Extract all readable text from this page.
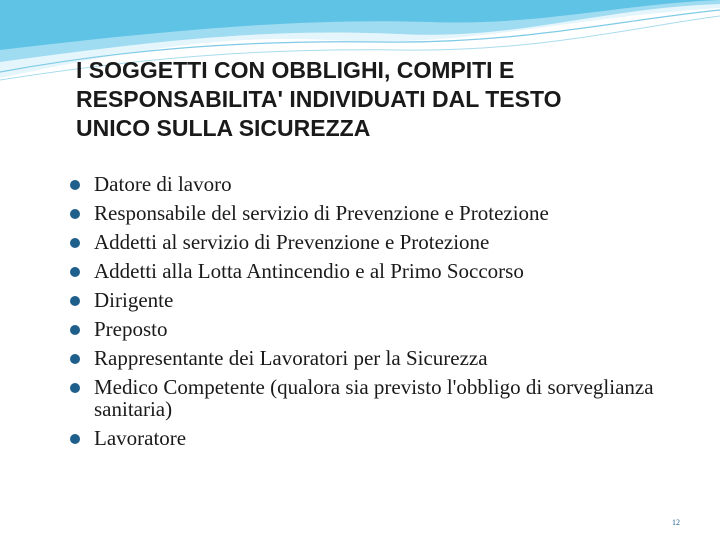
I SOGGETTI CON OBBLIGHI, COMPITI E
RESPONSABILITA' INDIVIDUATI DAL TESTO
UNICO SULLA SICUREZZA
Datore di lavoro
Responsabile del servizio di Prevenzione e Protezione
Addetti al servizio di Prevenzione e Protezione
Addetti alla Lotta Antincendio e al Primo Soccorso
Dirigente
Preposto
Rappresentante dei Lavoratori per la Sicurezza
Medico Competente (qualora sia previsto l'obbligo di sorveglianza sanitaria)
Lavoratore
12
